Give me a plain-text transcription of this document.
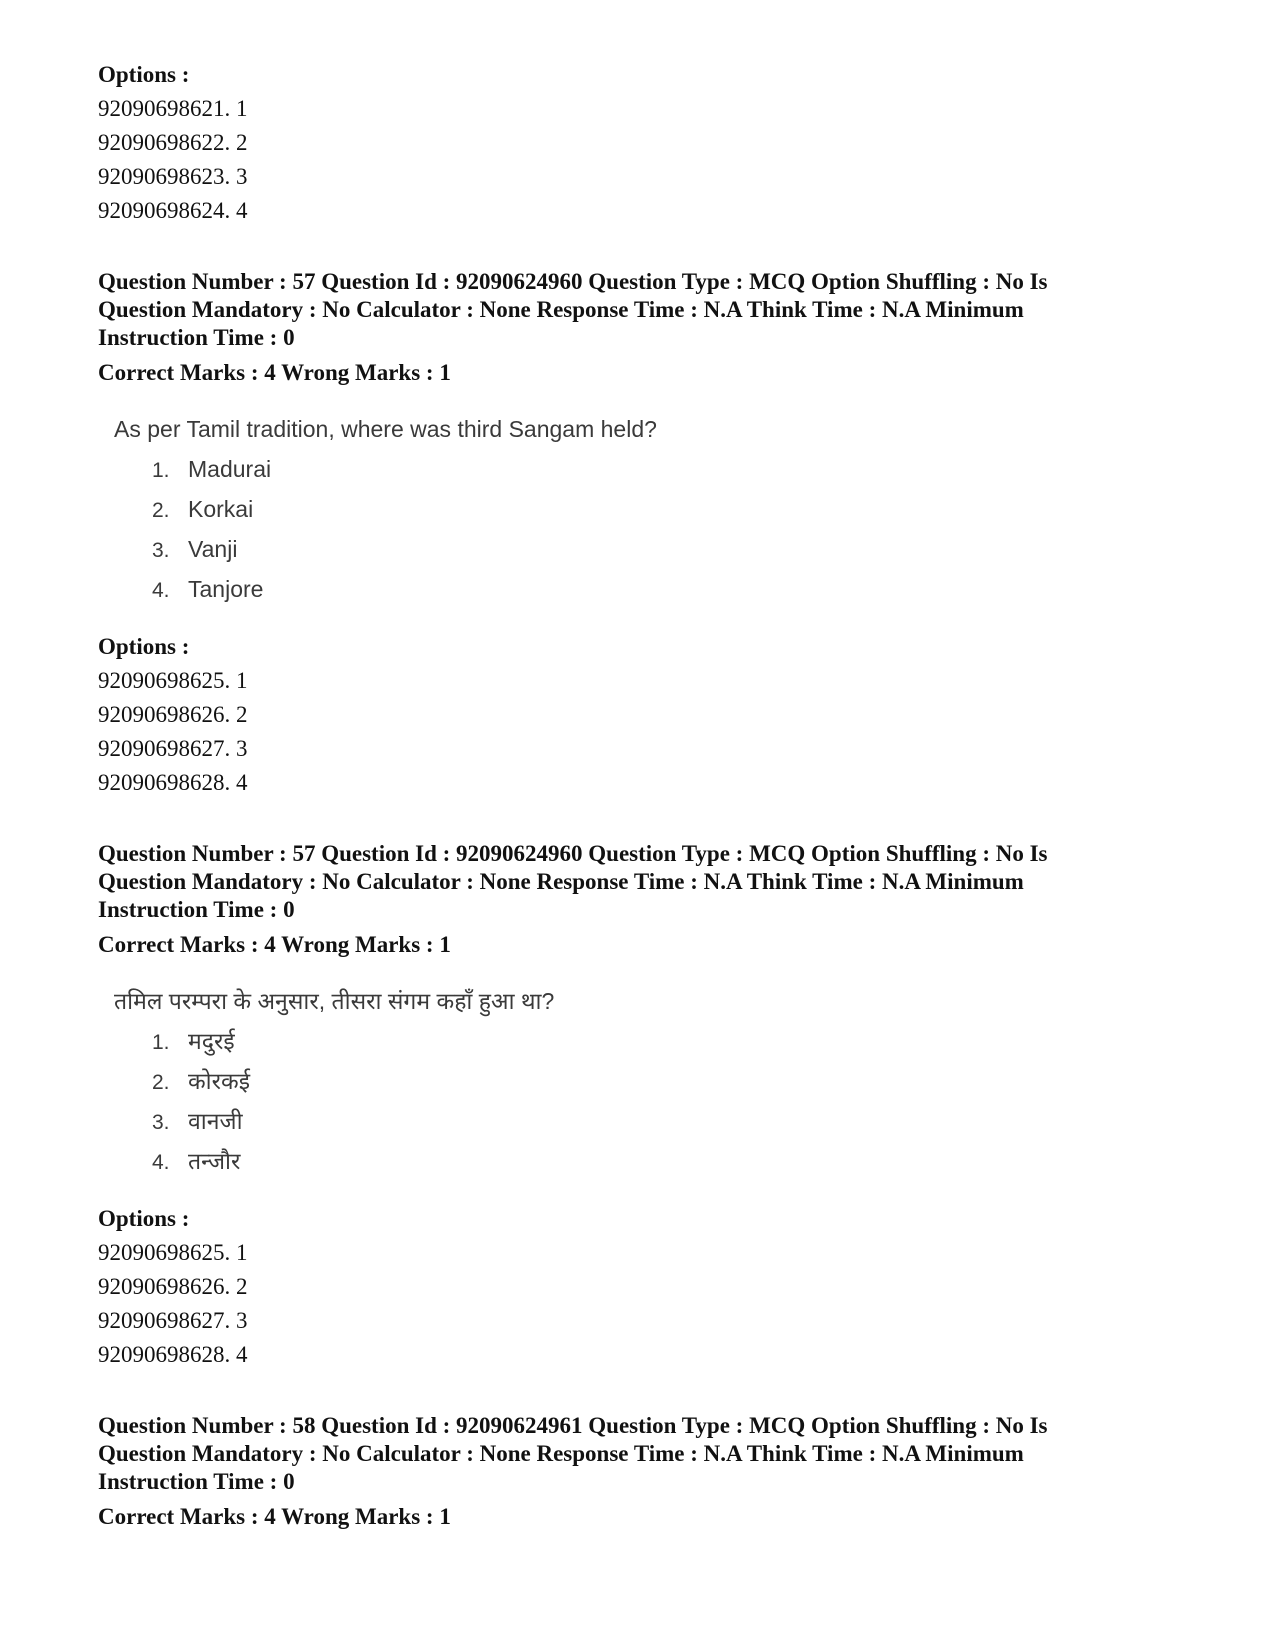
Options :

92090698621. 1

92090698622. 2

92090698623. 3

92090698624. 4

Question Number : 57 Question Id : 92090624960 Question Type : MCQ Option Shuffling : No Is

Question Mandatory : No Calculator : None Response Time : N.A Think Time : N.A Minimum

Instruction Time : 0

Correct Marks : 4 Wrong Marks : 1

As per Tamil tradition, where was third Sangam held?

1. Madurai
2. Korkai
3. Vanji
4. Tanjore

Options :

92090698625. 1

92090698626. 2

92090698627. 3

92090698628. 4

Question Number : 57 Question Id : 92090624960 Question Type : MCQ Option Shuffling : No Is

Question Mandatory : No Calculator : None Response Time : N.A Think Time : N.A Minimum

Instruction Time : 0

Correct Marks : 4 Wrong Marks : 1

तमिल परम्परा के अनुसार, तीसरा संगम कहाँ हुआ था?

1. मदुरई
2. कोरकई
3. वानजी
4. तन्जौर

Options :

92090698625. 1

92090698626. 2

92090698627. 3

92090698628. 4

Question Number : 58 Question Id : 92090624961 Question Type : MCQ Option Shuffling : No Is

Question Mandatory : No Calculator : None Response Time : N.A Think Time : N.A Minimum

Instruction Time : 0

Correct Marks : 4 Wrong Marks : 1
